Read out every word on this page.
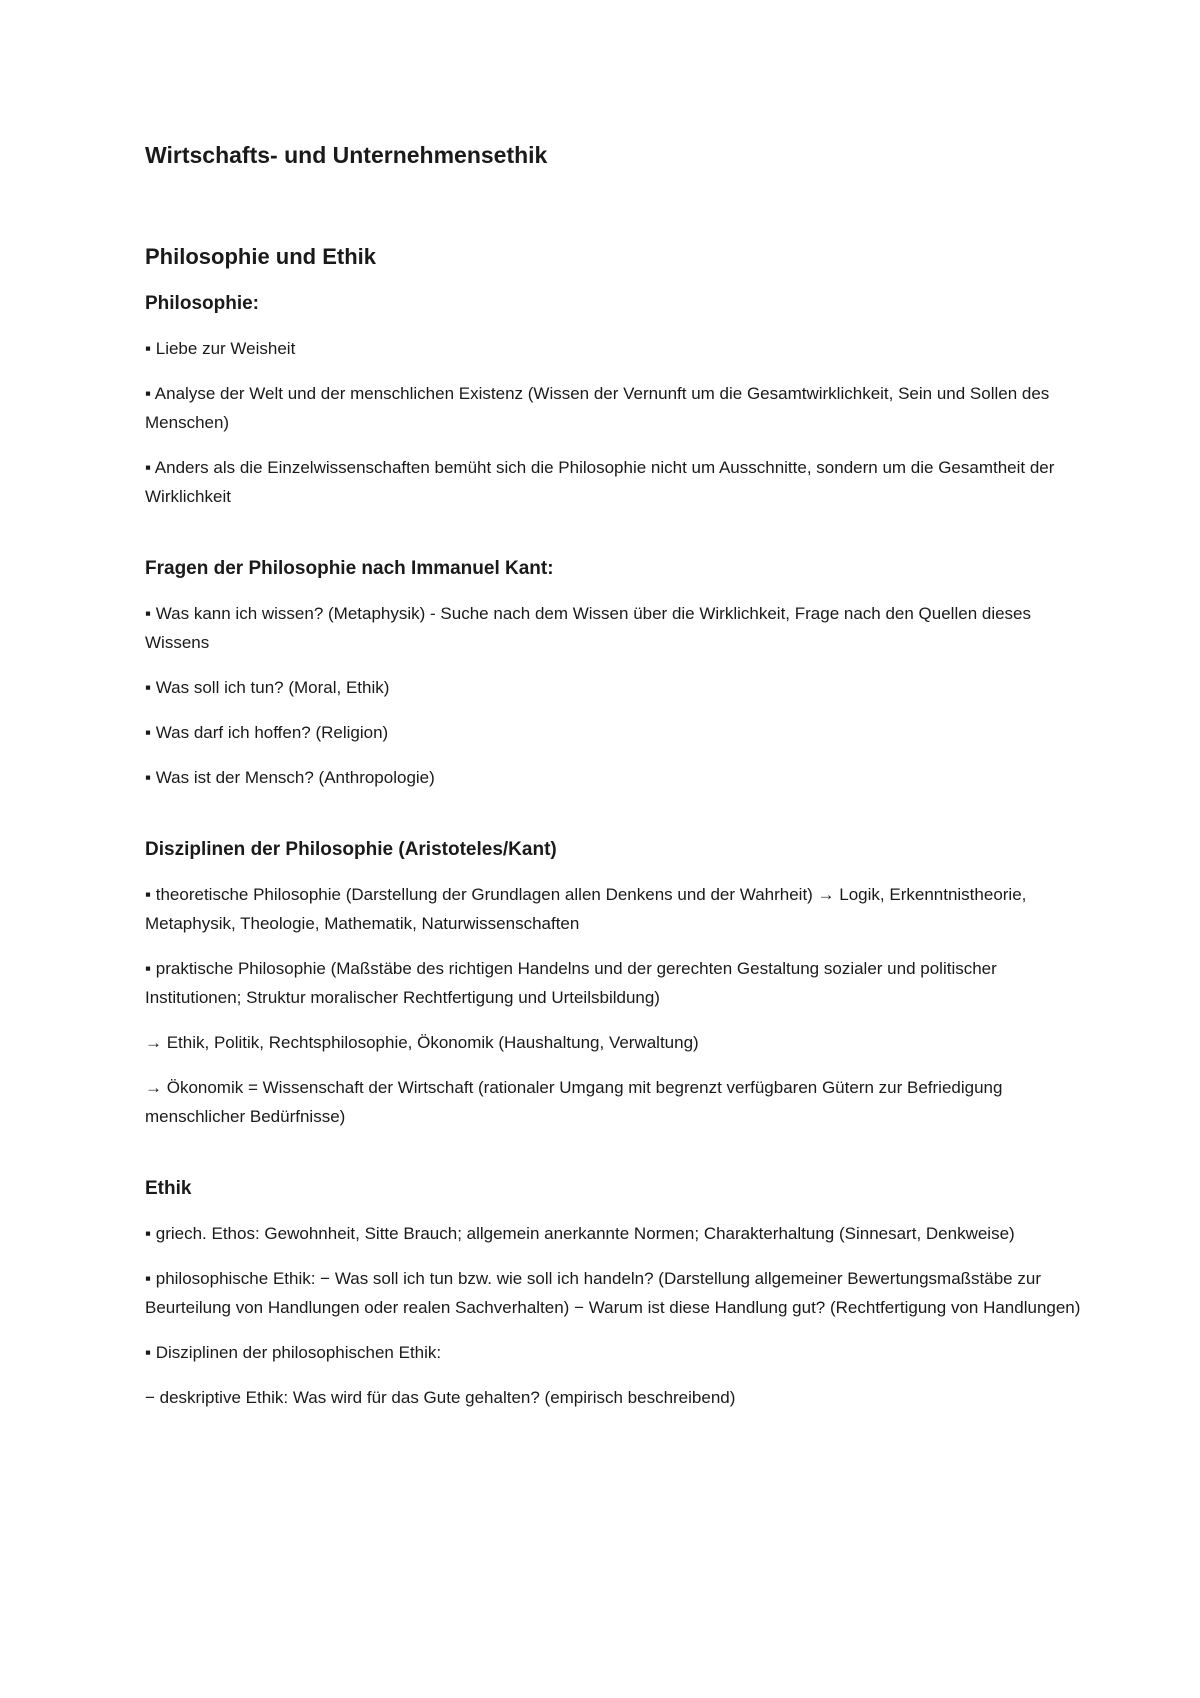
Wirtschafts- und Unternehmensethik
Philosophie und Ethik
Philosophie:
▪ Liebe zur Weisheit
▪ Analyse der Welt und der menschlichen Existenz (Wissen der Vernunft um die Gesamtwirklichkeit, Sein und Sollen des Menschen)
▪ Anders als die Einzelwissenschaften bemüht sich die Philosophie nicht um Ausschnitte, sondern um die Gesamtheit der Wirklichkeit
Fragen der Philosophie nach Immanuel Kant:
▪ Was kann ich wissen? (Metaphysik) - Suche nach dem Wissen über die Wirklichkeit, Frage nach den Quellen dieses Wissens
▪ Was soll ich tun? (Moral, Ethik)
▪ Was darf ich hoffen? (Religion)
▪ Was ist der Mensch? (Anthropologie)
Disziplinen der Philosophie (Aristoteles/Kant)
▪ theoretische Philosophie (Darstellung der Grundlagen allen Denkens und der Wahrheit) → Logik, Erkenntnistheorie, Metaphysik, Theologie, Mathematik, Naturwissenschaften
▪ praktische Philosophie (Maßstäbe des richtigen Handelns und der gerechten Gestaltung sozialer und politischer Institutionen; Struktur moralischer Rechtfertigung und Urteilsbildung)
→ Ethik, Politik, Rechtsphilosophie, Ökonomik (Haushaltung, Verwaltung)
→ Ökonomik = Wissenschaft der Wirtschaft (rationaler Umgang mit begrenzt verfügbaren Gütern zur Befriedigung menschlicher Bedürfnisse)
Ethik
▪ griech. Ethos: Gewohnheit, Sitte Brauch; allgemein anerkannte Normen; Charakterhaltung (Sinnesart, Denkweise)
▪ philosophische Ethik: − Was soll ich tun bzw. wie soll ich handeln? (Darstellung allgemeiner Bewertungsmaßstäbe zur Beurteilung von Handlungen oder realen Sachverhalten) − Warum ist diese Handlung gut? (Rechtfertigung von Handlungen)
▪ Disziplinen der philosophischen Ethik:
− deskriptive Ethik: Was wird für das Gute gehalten? (empirisch beschreibend)
